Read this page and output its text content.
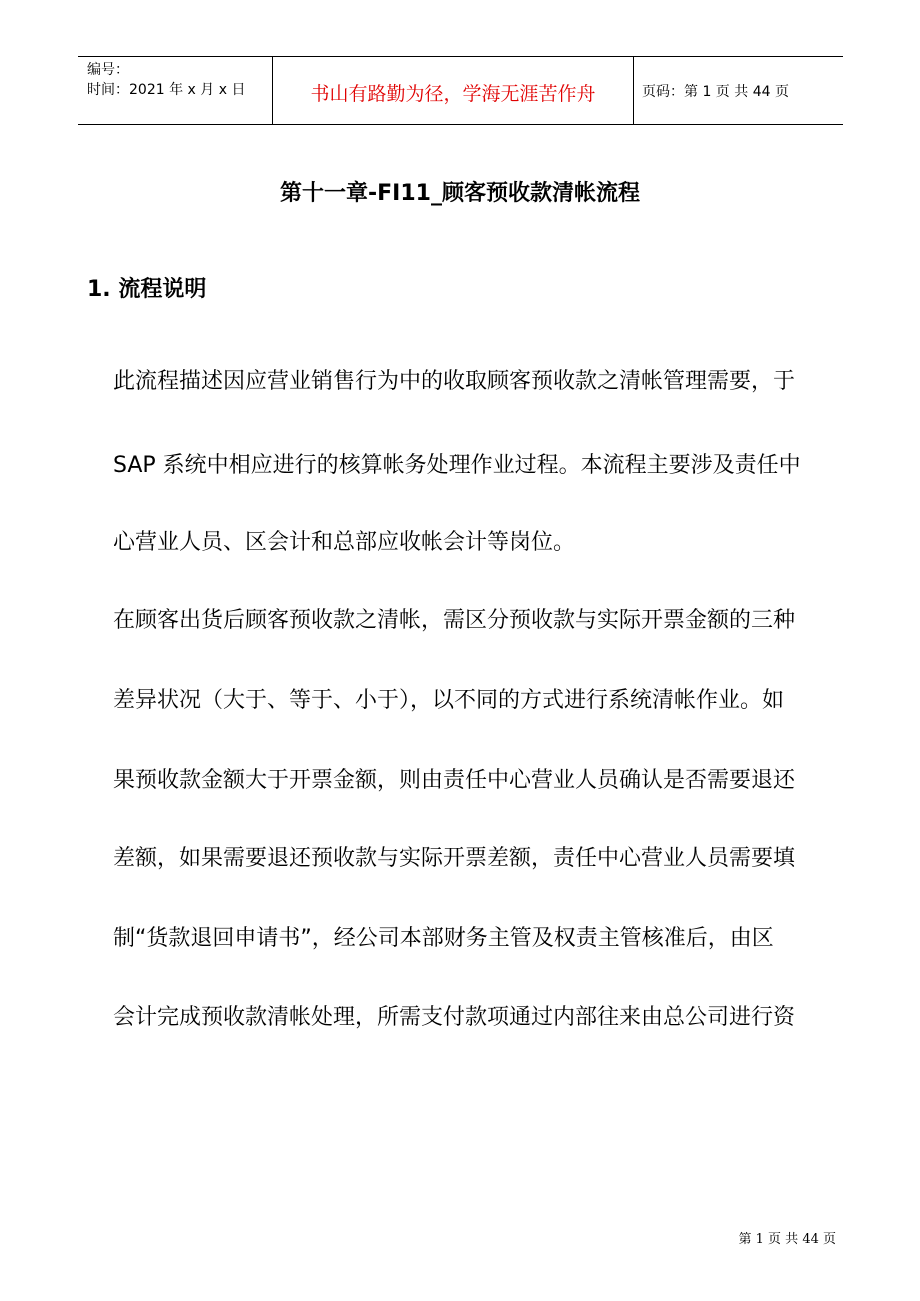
编号：
时间：2021 年 x 月 x 日	书山有路勤为径，学海无涯苦作舟	页码：第 1 页 共 44 页
第十一章-FI11_顾客预收款清帐流程
1. 流程说明
此流程描述因应营业销售行为中的收取顾客预收款之清帐管理需要，于
SAP 系统中相应进行的核算帐务处理作业过程。本流程主要涉及责任中
心营业人员、区会计和总部应收帐会计等岗位。
在顾客出货后顾客预收款之清帐，需区分预收款与实际开票金额的三种
差异状况（大于、等于、小于），以不同的方式进行系统清帐作业。如
果预收款金额大于开票金额，则由责任中心营业人员确认是否需要退还
差额，如果需要退还预收款与实际开票差额，责任中心营业人员需要填
制“货款退回申请书”，经公司本部财务主管及权责主管核准后，由区
会计完成预收款清帐处理，所需支付款项通过内部往来由总公司进行资
第 1 页 共 44 页
